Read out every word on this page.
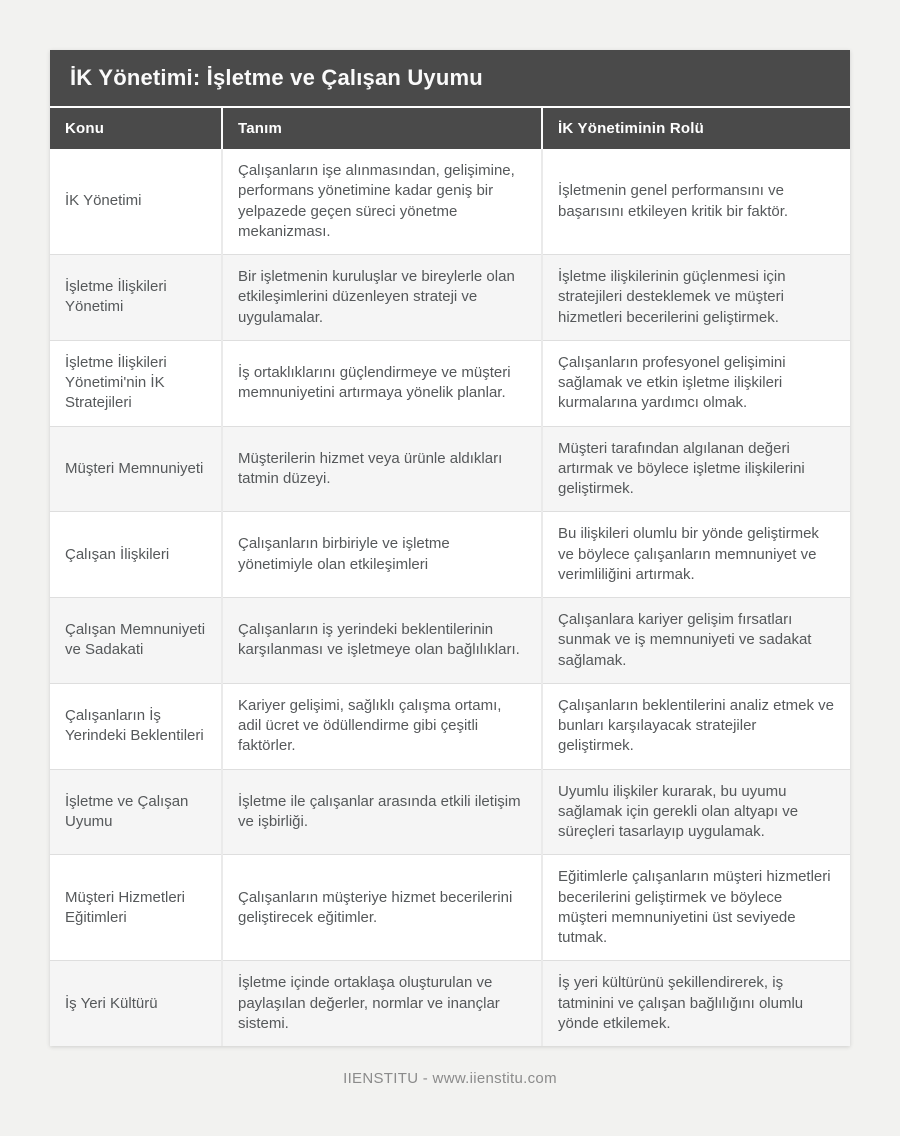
İK Yönetimi: İşletme ve Çalışan Uyumu
Konu	Tanım	İK Yönetiminin Rolü
İK Yönetimi	Çalışanların işe alınmasından, gelişimine, performans yönetimine kadar geniş bir yelpazede geçen süreci yönetme mekanizması.	İşletmenin genel performansını ve başarısını etkileyen kritik bir faktör.
İşletme İlişkileri Yönetimi	Bir işletmenin kuruluşlar ve bireylerle olan etkileşimlerini düzenleyen strateji ve uygulamalar.	İşletme ilişkilerinin güçlenmesi için stratejileri desteklemek ve müşteri hizmetleri becerilerini geliştirmek.
İşletme İlişkileri Yönetimi'nin İK Stratejileri	İş ortaklıklarını güçlendirmeye ve müşteri memnuniyetini artırmaya yönelik planlar.	Çalışanların profesyonel gelişimini sağlamak ve etkin işletme ilişkileri kurmalarına yardımcı olmak.
Müşteri Memnuniyeti	Müşterilerin hizmet veya ürünle aldıkları tatmin düzeyi.	Müşteri tarafından algılanan değeri artırmak ve böylece işletme ilişkilerini geliştirmek.
Çalışan İlişkileri	Çalışanların birbiriyle ve işletme yönetimiyle olan etkileşimleri	Bu ilişkileri olumlu bir yönde geliştirmek ve böylece çalışanların memnuniyet ve verimliliğini artırmak.
Çalışan Memnuniyeti ve Sadakati	Çalışanların iş yerindeki beklentilerinin karşılanması ve işletmeye olan bağlılıkları.	Çalışanlara kariyer gelişim fırsatları sunmak ve iş memnuniyeti ve sadakat sağlamak.
Çalışanların İş Yerindeki Beklentileri	Kariyer gelişimi, sağlıklı çalışma ortamı, adil ücret ve ödüllendirme gibi çeşitli faktörler.	Çalışanların beklentilerini analiz etmek ve bunları karşılayacak stratejiler geliştirmek.
İşletme ve Çalışan Uyumu	İşletme ile çalışanlar arasında etkili iletişim ve işbirliği.	Uyumlu ilişkiler kurarak, bu uyumu sağlamak için gerekli olan altyapı ve süreçleri tasarlayıp uygulamak.
Müşteri Hizmetleri Eğitimleri	Çalışanların müşteriye hizmet becerilerini geliştirecek eğitimler.	Eğitimlerle çalışanların müşteri hizmetleri becerilerini geliştirmek ve böylece müşteri memnuniyetini üst seviyede tutmak.
İş Yeri Kültürü	İşletme içinde ortaklaşa oluşturulan ve paylaşılan değerler, normlar ve inançlar sistemi.	İş yeri kültürünü şekillendirerek, iş tatminini ve çalışan bağlılığını olumlu yönde etkilemek.
IIENSTITU - www.iienstitu.com
